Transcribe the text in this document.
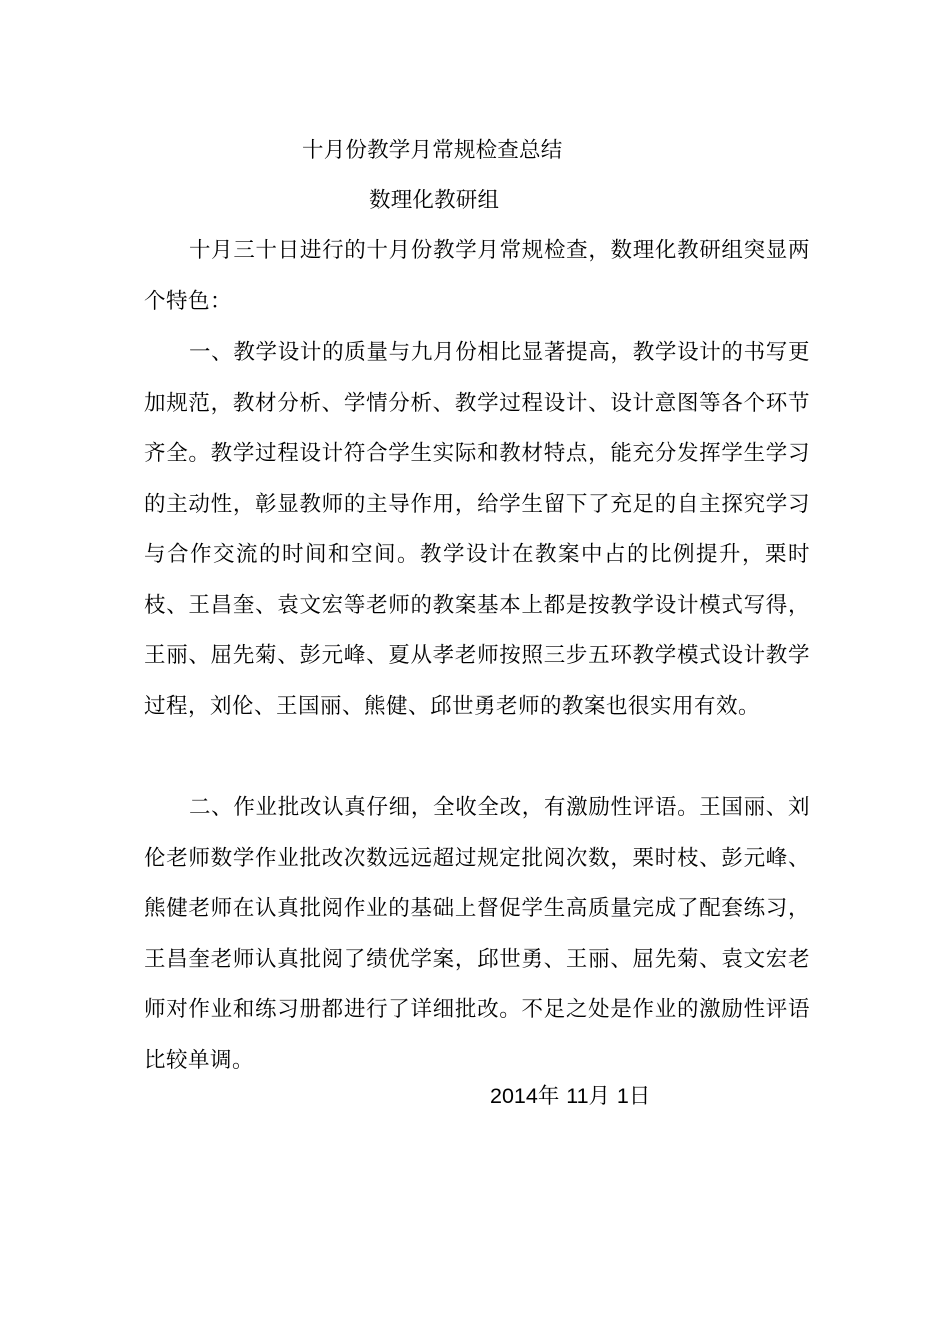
十月份教学月常规检查总结
数理化教研组

十月三十日进行的十月份教学月常规检查，数理化教研组突显两个特色：

一、教学设计的质量与九月份相比显著提高，教学设计的书写更加规范，教材分析、学情分析、教学过程设计、设计意图等各个环节齐全。教学过程设计符合学生实际和教材特点，能充分发挥学生学习的主动性，彰显教师的主导作用，给学生留下了充足的自主探究学习与合作交流的时间和空间。教学设计在教案中占的比例提升，栗时枝、王昌奎、袁文宏等老师的教案基本上都是按教学设计模式写得，王丽、屈先菊、彭元峰、夏从孝老师按照三步五环教学模式设计教学过程，刘伦、王国丽、熊健、邱世勇老师的教案也很实用有效。

二、作业批改认真仔细，全收全改，有激励性评语。王国丽、刘伦老师数学作业批改次数远远超过规定批阅次数，栗时枝、彭元峰、熊健老师在认真批阅作业的基础上督促学生高质量完成了配套练习，王昌奎老师认真批阅了绩优学案，邱世勇、王丽、屈先菊、袁文宏老师对作业和练习册都进行了详细批改。不足之处是作业的激励性评语比较单调。

2014年 11月 1日
